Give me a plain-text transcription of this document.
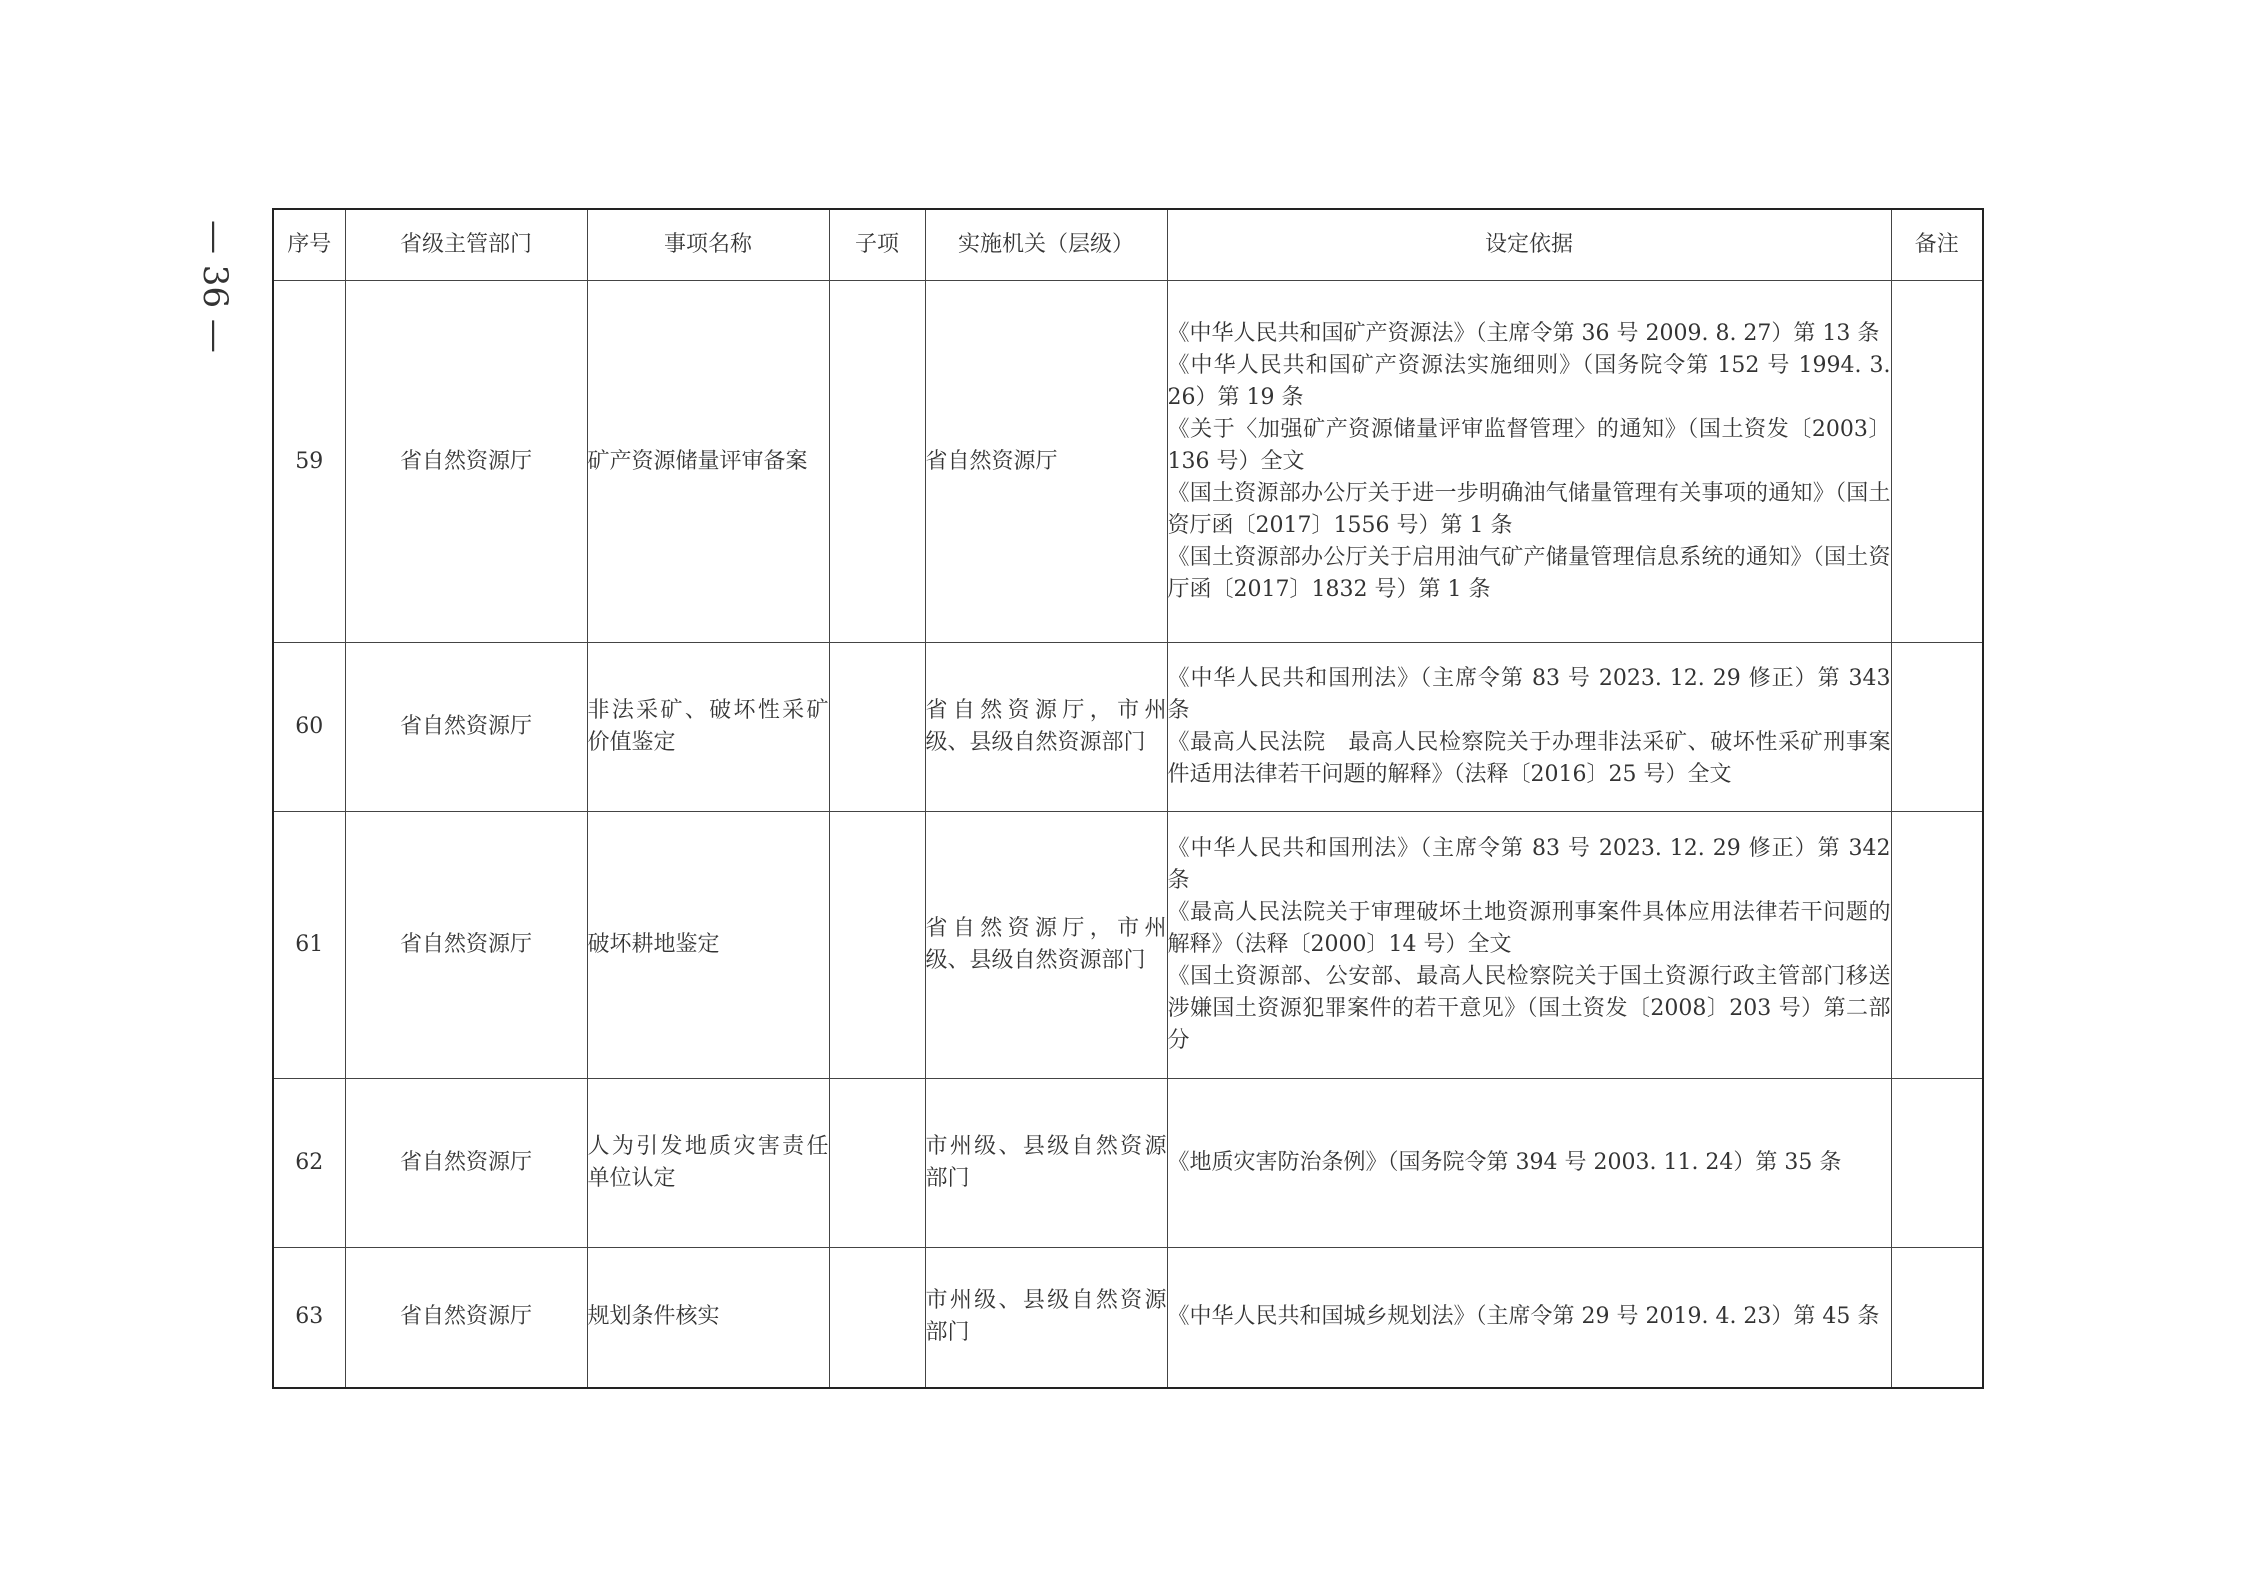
— 36 — 序号	省级主管部门	事项名称	子项	实施机关（层级）	设定依据	备注
59	省自然资源厅	矿产资源储量评审备案		省自然资源厅	《中华人民共和国矿产资源法》（主席令第 36 号 2009. 8. 27）第 13 条
《中华人民共和国矿产资源法实施细则》（国务院令第 152 号 1994. 3. 26）第 19 条
《关于〈加强矿产资源储量评审监督管理〉的通知》（国土资发〔2003〕136 号）全文
《国土资源部办公厅关于进一步明确油气储量管理有关事项的通知》（国土资厅函〔2017〕1556 号）第 1 条
《国土资源部办公厅关于启用油气矿产储量管理信息系统的通知》（国土资厅函〔2017〕1832 号）第 1 条	

60	省自然资源厅	非法采矿、破坏性采矿价值鉴定		省自然资源厅，市州级、县级自然资源部门	《中华人民共和国刑法》（主席令第 83 号 2023. 12. 29 修正）第 343 条
《最高人民法院　最高人民检察院关于办理非法采矿、破坏性采矿刑事案件适用法律若干问题的解释》（法释〔2016〕25 号）全文	

61	省自然资源厅	破坏耕地鉴定		省自然资源厅，市州级、县级自然资源部门	《中华人民共和国刑法》（主席令第 83 号 2023. 12. 29 修正）第 342 条
《最高人民法院关于审理破坏土地资源刑事案件具体应用法律若干问题的解释》（法释〔2000〕14 号）全文
《国土资源部、公安部、最高人民检察院关于国土资源行政主管部门移送涉嫌国土资源犯罪案件的若干意见》（国土资发〔2008〕203 号）第二部分	

62	省自然资源厅	人为引发地质灾害责任单位认定		市州级、县级自然资源部门	《地质灾害防治条例》（国务院令第 394 号 2003. 11. 24）第 35 条	

63	省自然资源厅	规划条件核实		市州级、县级自然资源部门	《中华人民共和国城乡规划法》（主席令第 29 号 2019. 4. 23）第 45 条	
